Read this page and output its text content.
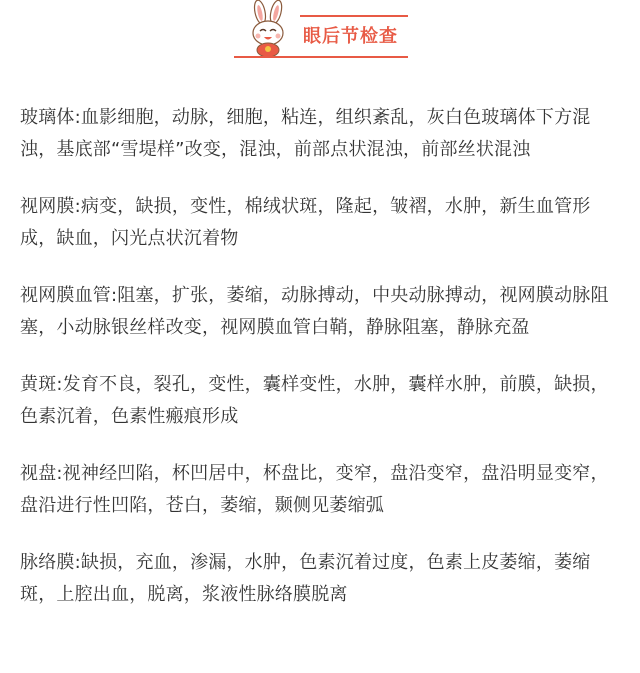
眼后节检查

玻璃体:血影细胞，动脉，细胞，粘连，组织紊乱，灰白色玻璃体下方混浊，基底部“雪堤样”改变，混浊，前部点状混浊，前部丝状混浊

视网膜:病变，缺损，变性，棉绒状斑，隆起，皱褶，水肿，新生血管形成，缺血，闪光点状沉着物

视网膜血管:阻塞，扩张，萎缩，动脉搏动，中央动脉搏动，视网膜动脉阻塞，小动脉银丝样改变，视网膜血管白鞘，静脉阻塞，静脉充盈

黄斑:发育不良，裂孔，变性，囊样变性，水肿，囊样水肿，前膜，缺损，色素沉着，色素性瘢痕形成

视盘:视神经凹陷，杯凹居中，杯盘比，变窄，盘沿变窄，盘沿明显变窄，盘沿进行性凹陷，苍白，萎缩，颞侧见萎缩弧

脉络膜:缺损，充血，渗漏，水肿，色素沉着过度，色素上皮萎缩，萎缩斑，上腔出血，脱离，浆液性脉络膜脱离
